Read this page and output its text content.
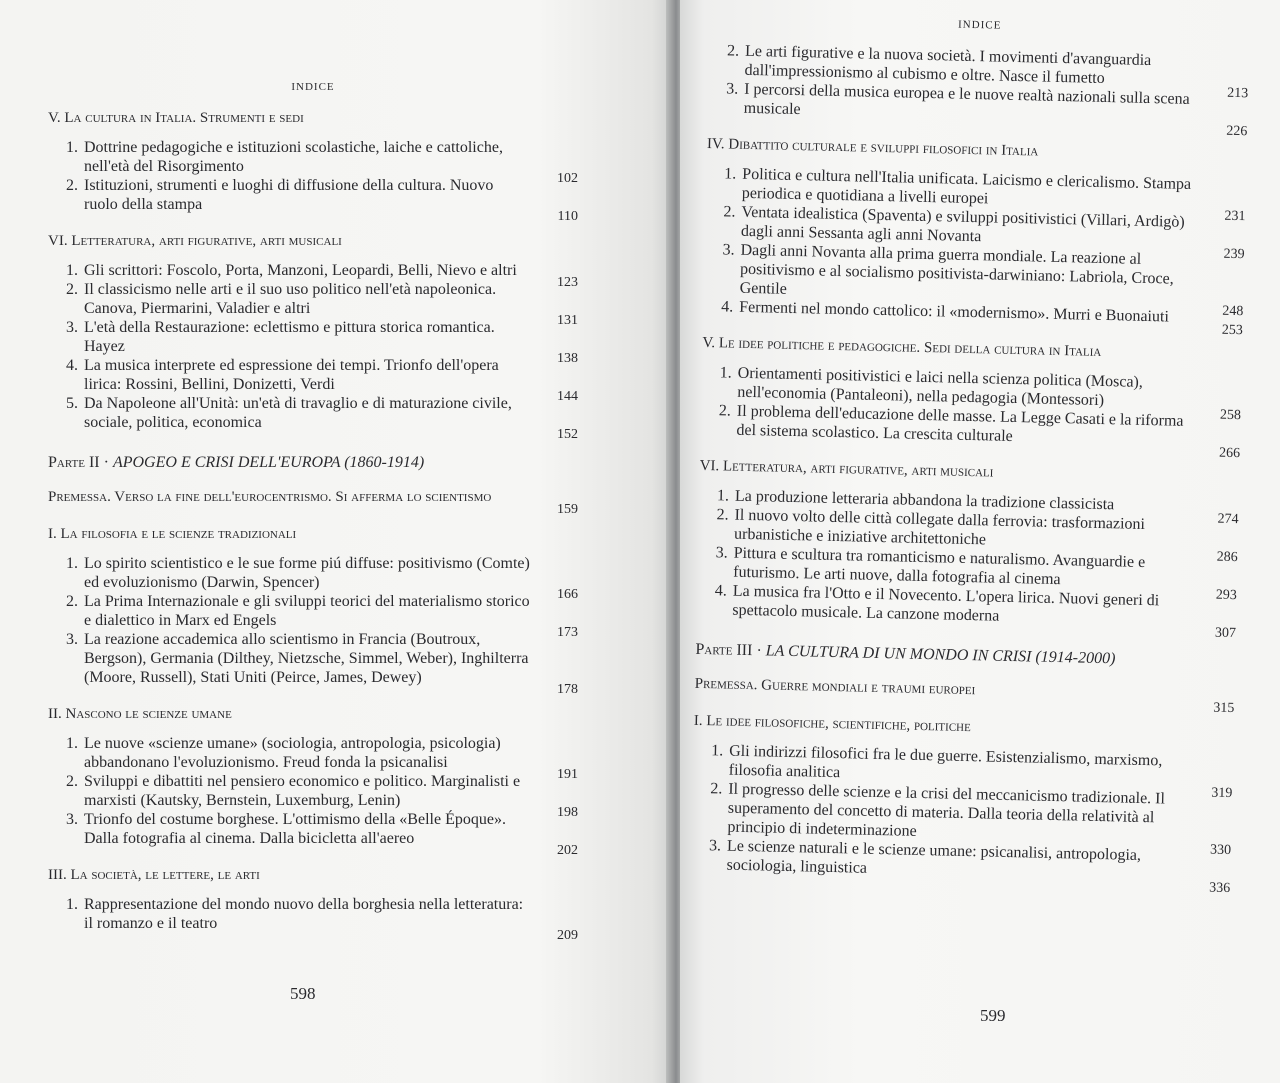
indice
V. La cultura in Italia. Strumenti e sedi
1. Dottrine pedagogiche e istituzioni scolastiche, laiche e cattoliche, nell'età del Risorgimento
102
2. Istituzioni, strumenti e luoghi di diffusione della cultura. Nuovo ruolo della stampa
110
VI. Letteratura, arti figurative, arti musicali
1. Gli scrittori: Foscolo, Porta, Manzoni, Leopardi, Belli, Nievo e altri
123
2. Il classicismo nelle arti e il suo uso politico nell'età napoleonica. Canova, Piermarini, Valadier e altri
131
3. L'età della Restaurazione: eclettismo e pittura storica romantica. Hayez
138
4. La musica interprete ed espressione dei tempi. Trionfo dell'opera lirica: Rossini, Bellini, Donizetti, Verdi
144
5. Da Napoleone all'Unità: un'età di travaglio e di maturazione civile, sociale, politica, economica
152
Parte II · APOGEO E CRISI DELL'EUROPA (1860-1914)
Premessa. Verso la fine dell'eurocentrismo. Si afferma lo scientismo
159
I. La filosofia e le scienze tradizionali
1. Lo spirito scientistico e le sue forme piú diffuse: positivismo (Comte) ed evoluzionismo (Darwin, Spencer)
166
2. La Prima Internazionale e gli sviluppi teorici del materialismo storico e dialettico in Marx ed Engels
173
3. La reazione accademica allo scientismo in Francia (Boutroux, Bergson), Germania (Dilthey, Nietzsche, Simmel, Weber), Inghilterra (Moore, Russell), Stati Uniti (Peirce, James, Dewey)
178
II. Nascono le scienze umane
1. Le nuove «scienze umane» (sociologia, antropologia, psicologia) abbandonano l'evoluzionismo. Freud fonda la psicanalisi
191
2. Sviluppi e dibattiti nel pensiero economico e politico. Marginalisti e marxisti (Kautsky, Bernstein, Luxemburg, Lenin)
198
3. Trionfo del costume borghese. L'ottimismo della «Belle Époque». Dalla fotografia al cinema. Dalla bicicletta all'aereo
202
III. La società, le lettere, le arti
1. Rappresentazione del mondo nuovo della borghesia nella letteratura: il romanzo e il teatro
209
598
indice
2. Le arti figurative e la nuova società. I movimenti d'avanguardia dall'impressionismo al cubismo e oltre. Nasce il fumetto
213
3. I percorsi della musica europea e le nuove realtà nazionali sulla scena musicale
226
IV. Dibattito culturale e sviluppi filosofici in Italia
1. Politica e cultura nell'Italia unificata. Laicismo e clericalismo. Stampa periodica e quotidiana a livelli europei
231
2. Ventata idealistica (Spaventa) e sviluppi positivistici (Villari, Ardigò) dagli anni Sessanta agli anni Novanta
239
3. Dagli anni Novanta alla prima guerra mondiale. La reazione al positivismo e al socialismo positivista-darwiniano: Labriola, Croce, Gentile
248
4. Fermenti nel mondo cattolico: il «modernismo». Murri e Buonaiuti
253
V. Le idee politiche e pedagogiche. Sedi della cultura in Italia
1. Orientamenti positivistici e laici nella scienza politica (Mosca), nell'economia (Pantaleoni), nella pedagogia (Montessori)
258
2. Il problema dell'educazione delle masse. La Legge Casati e la riforma del sistema scolastico. La crescita culturale
266
VI. Letteratura, arti figurative, arti musicali
1. La produzione letteraria abbandona la tradizione classicista
274
2. Il nuovo volto delle città collegate dalla ferrovia: trasformazioni urbanistiche e iniziative architettoniche
286
3. Pittura e scultura tra romanticismo e naturalismo. Avanguardie e futurismo. Le arti nuove, dalla fotografia al cinema
293
4. La musica fra l'Otto e il Novecento. L'opera lirica. Nuovi generi di spettacolo musicale. La canzone moderna
307
Parte III · LA CULTURA DI UN MONDO IN CRISI (1914-2000)
Premessa. Guerre mondiali e traumi europei
315
I. Le idee filosofiche, scientifiche, politiche
1. Gli indirizzi filosofici fra le due guerre. Esistenzialismo, marxismo, filosofia analitica
319
2. Il progresso delle scienze e la crisi del meccanicismo tradizionale. Il superamento del concetto di materia. Dalla teoria della relatività al principio di indeterminazione
330
3. Le scienze naturali e le scienze umane: psicanalisi, antropologia, sociologia, linguistica
336
599
